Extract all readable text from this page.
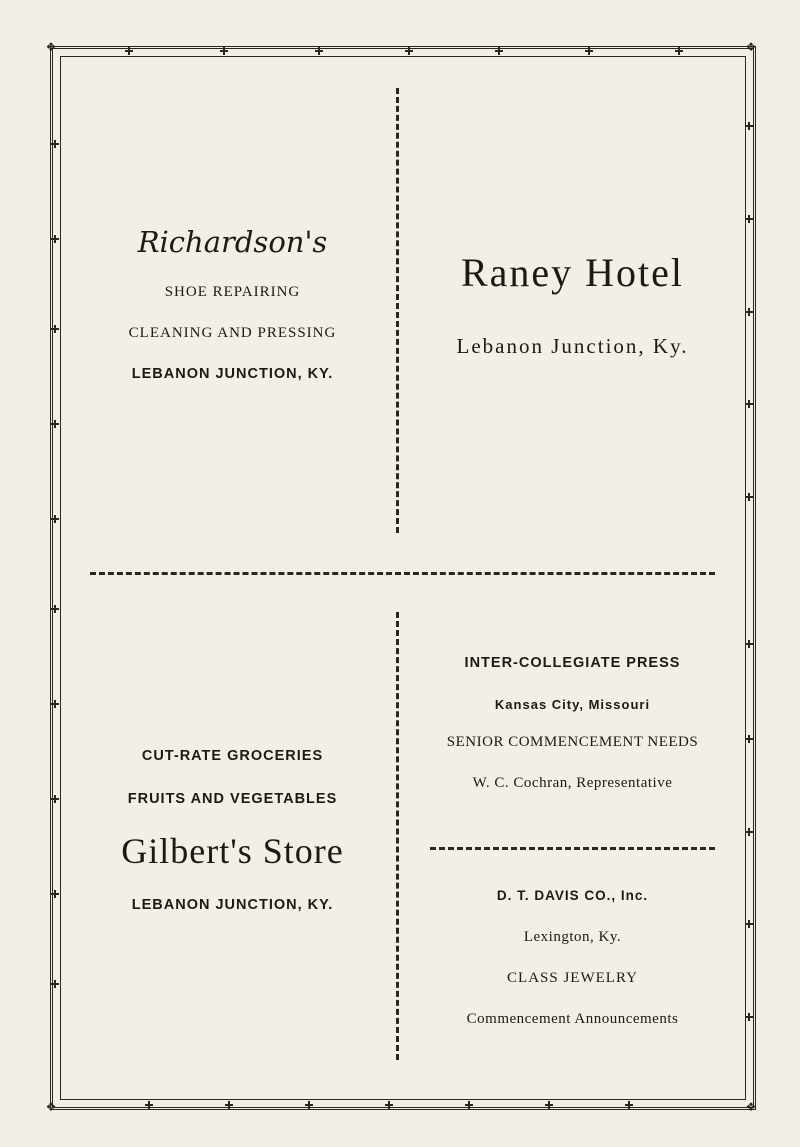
❖	❖
❖	❖
Richardson's
SHOE REPAIRING
CLEANING AND PRESSING
LEBANON JUNCTION, KY.
Raney Hotel
Lebanon Junction, Ky.
CUT-RATE GROCERIES
FRUITS AND VEGETABLES
Gilbert's Store
LEBANON JUNCTION, KY.
INTER-COLLEGIATE PRESS
Kansas City, Missouri
SENIOR COMMENCEMENT NEEDS
W. C. Cochran, Representative
D. T. DAVIS CO., Inc.
Lexington, Ky.
CLASS JEWELRY
Commencement Announcements
